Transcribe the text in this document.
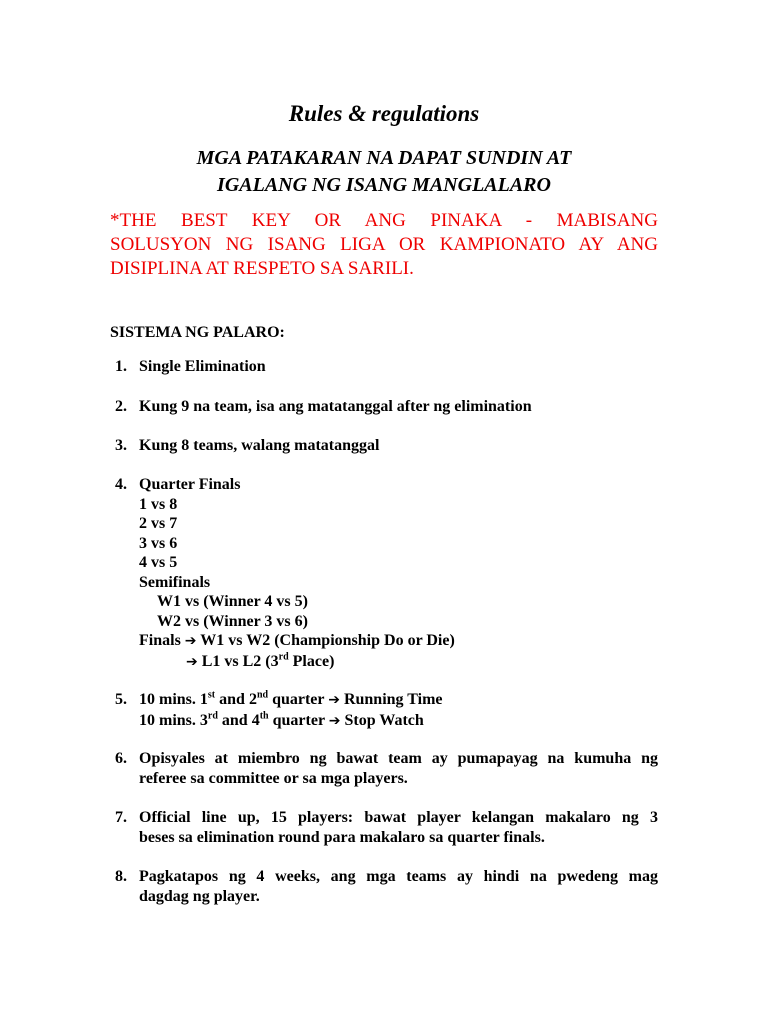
Rules & regulations
MGA PATAKARAN NA DAPAT SUNDIN AT
IGALANG NG ISANG MANGLALARO
*THE BEST KEY OR ANG PINAKA - MABISANG
SOLUSYON NG ISANG LIGA OR KAMPIONATO AY ANG
DISIPLINA AT RESPETO SA SARILI.
SISTEMA NG PALARO:
1. Single Elimination
2. Kung 9 na team, isa ang matatanggal after ng elimination
3. Kung 8 teams, walang matatanggal
4. Quarter Finals
1 vs 8
2 vs 7
3 vs 6
4 vs 5
Semifinals
W1 vs (Winner 4 vs 5)
W2 vs (Winner 3 vs 6)
Finals ➔ W1 vs W2 (Championship Do or Die)
➔ L1 vs L2 (3rd Place)
5. 10 mins. 1st and 2nd quarter ➔ Running Time
10 mins. 3rd and 4th quarter ➔ Stop Watch
6. Opisyales at miembro ng bawat team ay pumapayag na kumuha ng
referee sa committee or sa mga players.
7. Official line up, 15 players: bawat player kelangan makalaro ng 3
beses sa elimination round para makalaro sa quarter finals.
8. Pagkatapos ng 4 weeks, ang mga teams ay hindi na pwedeng mag
dagdag ng player.
